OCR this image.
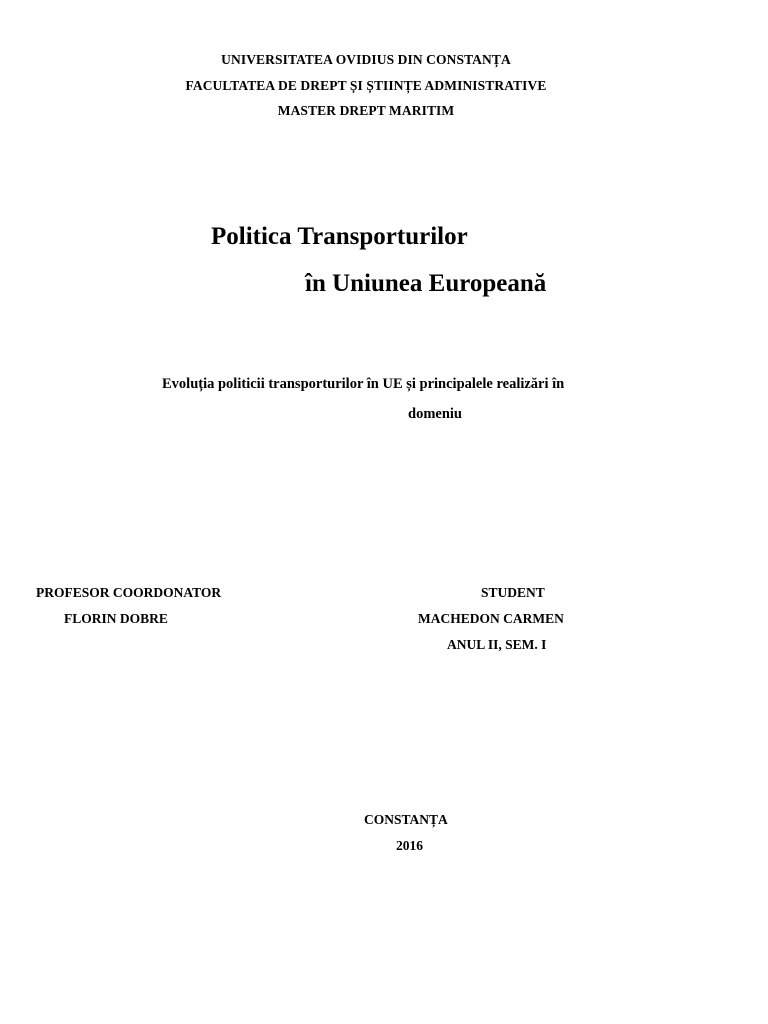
UNIVERSITATEA OVIDIUS DIN CONSTANȚA
FACULTATEA DE DREPT ȘI ȘTIINȚE ADMINISTRATIVE
MASTER DREPT MARITIM
Politica Transporturilor
în Uniunea Europeană
Evoluția politicii transporturilor în UE și principalele realizări în
domeniu
PROFESOR COORDONATOR
FLORIN DOBRE
STUDENT
MACHEDON CARMEN
ANUL II, SEM. I
CONSTANȚA
2016
